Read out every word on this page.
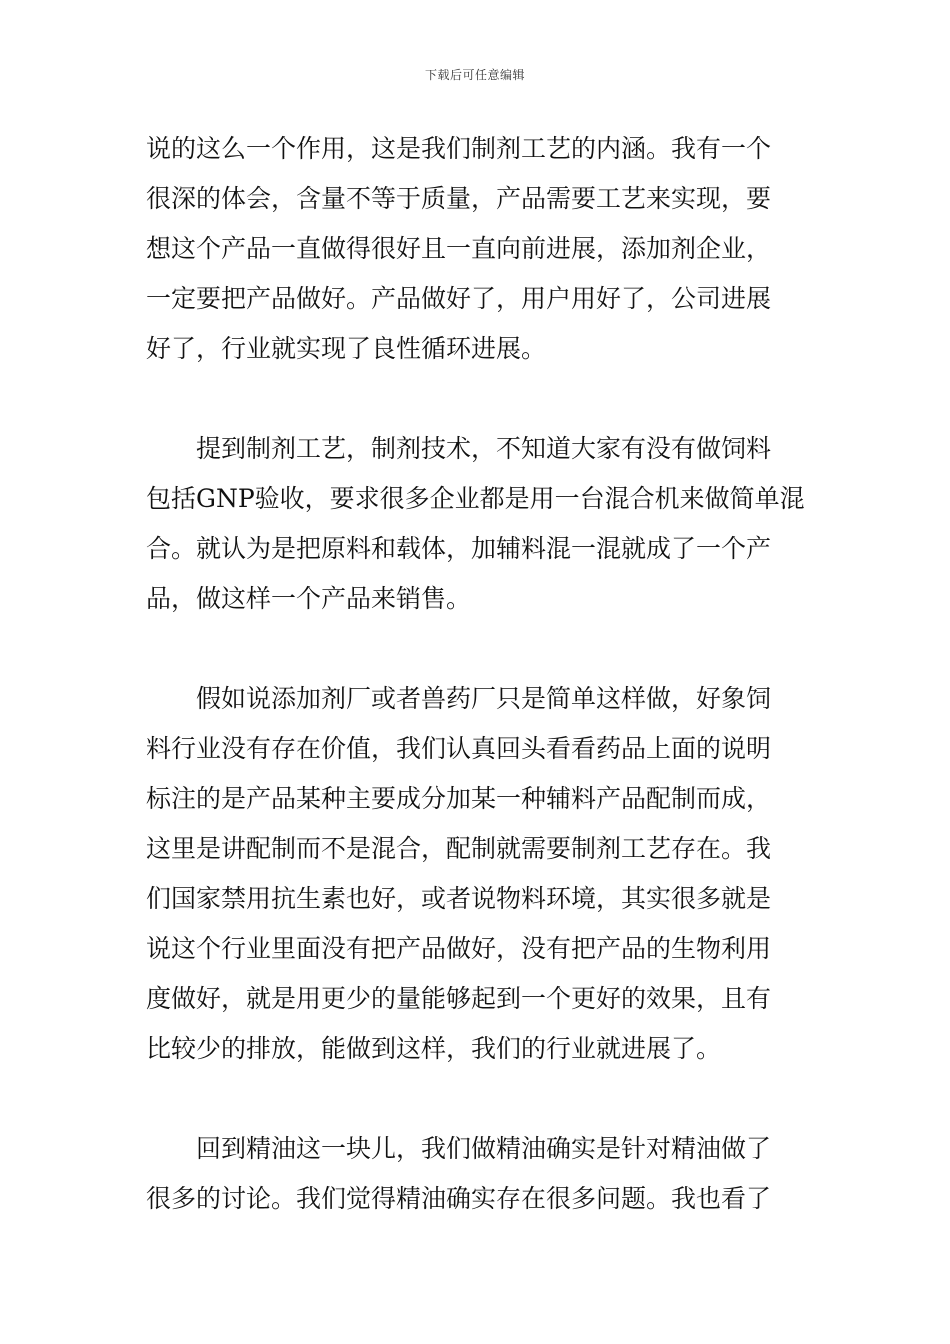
下载后可任意编辑
说的这么一个作用，这是我们制剂工艺的内涵。我有一个
很深的体会，含量不等于质量，产品需要工艺来实现，要
想这个产品一直做得很好且一直向前进展，添加剂企业，
一定要把产品做好。产品做好了，用户用好了，公司进展
好了，行业就实现了良性循环进展。
提到制剂工艺，制剂技术，不知道大家有没有做饲料
包括GNP验收，要求很多企业都是用一台混合机来做简单混
合。就认为是把原料和载体，加辅料混一混就成了一个产
品，做这样一个产品来销售。
假如说添加剂厂或者兽药厂只是简单这样做，好象饲
料行业没有存在价值，我们认真回头看看药品上面的说明
标注的是产品某种主要成分加某一种辅料产品配制而成，
这里是讲配制而不是混合，配制就需要制剂工艺存在。我
们国家禁用抗生素也好，或者说物料环境，其实很多就是
说这个行业里面没有把产品做好，没有把产品的生物利用
度做好，就是用更少的量能够起到一个更好的效果，且有
比较少的排放，能做到这样，我们的行业就进展了。
回到精油这一块儿，我们做精油确实是针对精油做了
很多的讨论。我们觉得精油确实存在很多问题。我也看了
